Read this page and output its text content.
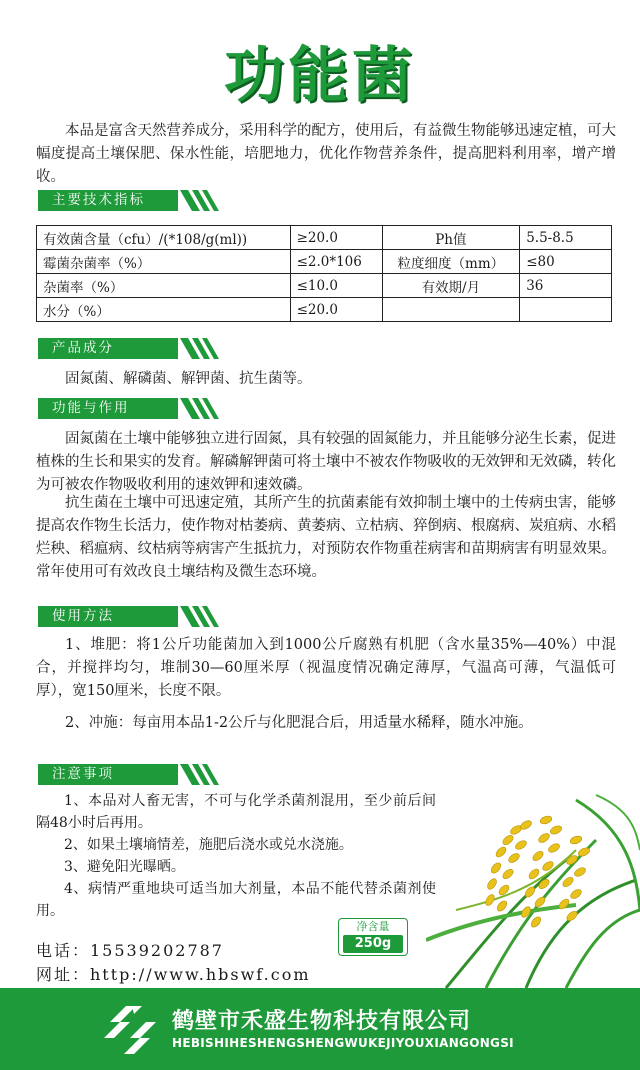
功能菌

本品是富含天然营养成分，采用科学的配方，使用后，有益微生物能够迅速定植，可大幅度提高土壤保肥、保水性能，培肥地力，优化作物营养条件，提高肥料利用率，增产增收。

主要技术指标
有效菌含量（cfu）/(*108/g(ml))	≥20.0	Ph值	5.5-8.5
霉菌杂菌率（%）	≤2.0*106	粒度细度（mm）	≤80
杂菌率（%）	≤10.0	有效期/月	36
水分（%）	≤20.0		
产品成分

固氮菌、解磷菌、解钾菌、抗生菌等。

功能与作用

固氮菌在土壤中能够独立进行固氮，具有较强的固氮能力，并且能够分泌生长素，促进植株的生长和果实的发育。解磷解钾菌可将土壤中不被农作物吸收的无效钾和无效磷，转化为可被农作物吸收利用的速效钾和速效磷。

抗生菌在土壤中可迅速定殖，其所产生的抗菌素能有效抑制土壤中的土传病虫害，能够提高农作物生长活力，使作物对枯萎病、黄萎病、立枯病、猝倒病、根腐病、炭疽病、水稻烂秧、稻瘟病、纹枯病等病害产生抵抗力，对预防农作物重茬病害和苗期病害有明显效果。常年使用可有效改良土壤结构及微生态环境。

使用方法

1、堆肥：将1公斤功能菌加入到1000公斤腐熟有机肥（含水量35%—40%）中混合，并搅拌均匀，堆制30—60厘米厚（视温度情况确定薄厚，气温高可薄，气温低可厚），宽150厘米，长度不限。

2、冲施：每亩用本品1-2公斤与化肥混合后，用适量水稀释，随水冲施。

注意事项

1、本品对人畜无害，不可与化学杀菌剂混用，至少前后间隔48小时后再用。

2、如果土壤墒情差，施肥后浇水或兑水浇施。

3、避免阳光曝晒。

4、病情严重地块可适当加大剂量，本品不能代替杀菌剂使用。

净含量
250g
电话：15539202787
网址：http://www.hbswf.com
鹤壁市禾盛生物科技有限公司
HEBISHIHESHENGSHENGWUKEJIYOUXIANGONGSI
